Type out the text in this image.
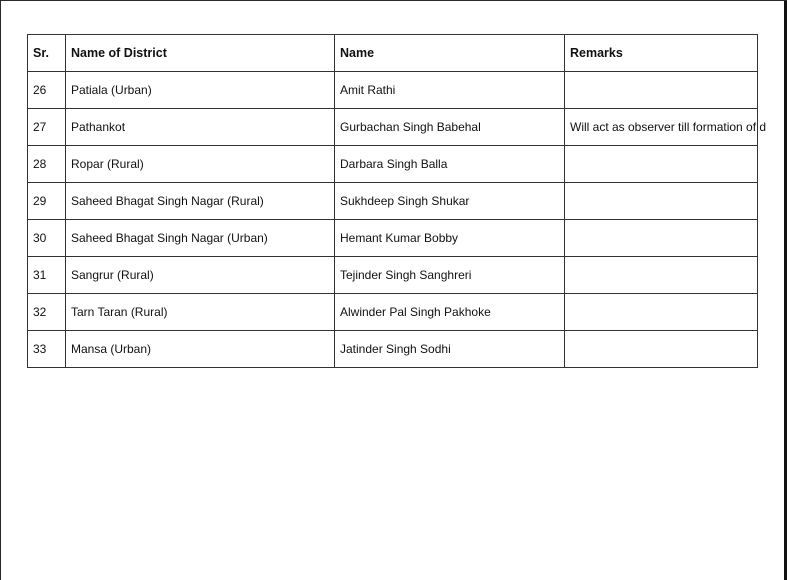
Sr.	Name of District	Name	Remarks
26	Patiala (Urban)	Amit Rathi	
27	Pathankot	Gurbachan Singh Babehal	Will act as observer till formation of d
28	Ropar (Rural)	Darbara Singh Balla	
29	Saheed Bhagat Singh Nagar (Rural)	Sukhdeep Singh Shukar	
30	Saheed Bhagat Singh Nagar (Urban)	Hemant Kumar Bobby	
31	Sangrur (Rural)	Tejinder Singh Sanghreri	
32	Tarn Taran (Rural)	Alwinder Pal Singh Pakhoke	
33	Mansa (Urban)	Jatinder Singh Sodhi	
